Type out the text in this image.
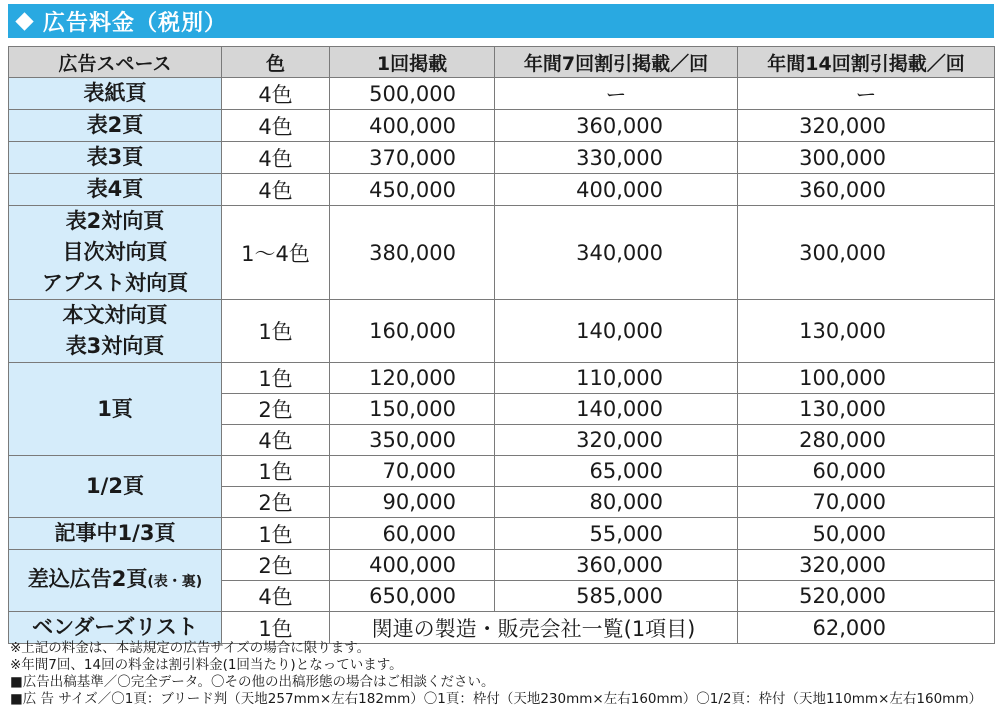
広告料金（税別）
広告スペース	色	1回掲載	年間7回割引掲載／回	年間14回割引掲載／回
表紙頁	4色	500,000	ー	ー
表2頁	4色	400,000	360,000	320,000
表3頁	4色	370,000	330,000	300,000
表4頁	4色	450,000	400,000	360,000

表2対向頁
目次対向頁
アプスト対向頁	1〜4色	380,000	340,000	300,000

本文対向頁
表3対向頁	1色	160,000	140,000	130,000
1頁	1色	120,000	110,000	100,000
	2色	150,000	140,000	130,000
	4色	350,000	320,000	280,000
1/2頁	1色	70,000	65,000	60,000
	2色	90,000	80,000	70,000
記事中1/3頁	1色	60,000	55,000	50,000
差込広告2頁(表・裏)	2色	400,000	360,000	320,000
	4色	650,000	585,000	520,000
ベンダーズリスト	1色	関連の製造・販売会社一覧(1項目)		62,000
※上記の料金は、本誌規定の広告サイズの場合に限ります。
※年間7回、14回の料金は割引料金(1回当たり)となっています。
■広告出稿基準／〇完全データ。〇その他の出稿形態の場合はご相談ください。
■広 告 サイズ／〇1頁：ブリード判（天地257mm×左右182mm）〇1頁：枠付（天地230mm×左右160mm）〇1/2頁：枠付（天地110mm×左右160mm）
